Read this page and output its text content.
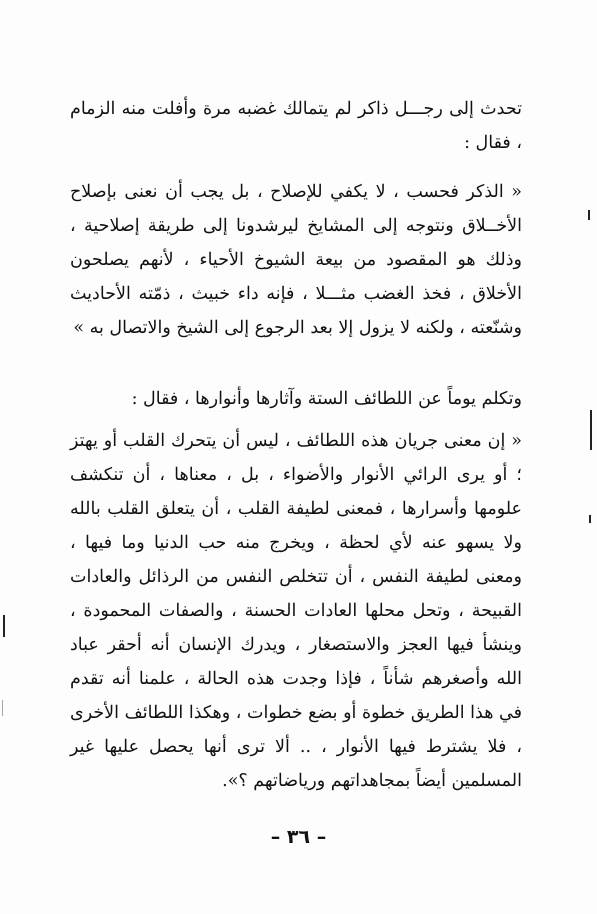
تحدث إلى رجـــل ذاكر لم يتمالك غضبه مرة وأفلت منه الزمام ، فقال :

« الذكر فحسب ، لا يكفي للإصلاح ، بل يجب أن نعنى بإصلاح الأخــلاق ونتوجه إلى المشايخ ليرشدونا إلى طريقة إصلاحية ، وذلك هو المقصود من بيعة الشيوخ الأحياء ، لأنهم يصلحون الأخلاق ، فخذ الغضب مثـــلا ، فإنه داء خبيث ، ذمّته الأحاديث وشنّعته ، ولكنه لا يزول إلا بعد الرجوع إلى الشيخ والاتصال به »

وتكلم يوماً عن اللطائف الستة وآثارها وأنوارها ، فقال :

« إن معنى جريان هذه اللطائف ، ليس أن يتحرك القلب أو يهتز ؛ أو يرى الرائي الأنوار والأضواء ، بل ، معناها ، أن تنكشف علومها وأسرارها ، فمعنى لطيفة القلب ، أن يتعلق القلب بالله ولا يسهو عنه لأي لحظة ، ويخرج منه حب الدنيا وما فيها ، ومعنى لطيفة النفس ، أن تتخلص النفس من الرذائل والعادات القبيحة ، وتحل محلها العادات الحسنة ، والصفات المحمودة ، وينشأ فيها العجز والاستصغار ، ويدرك الإنسان أنه أحقر عباد الله وأصغرهم شأناً ، فإذا وجدت هذه الحالة ، علمنا أنه تقدم في هذا الطريق خطوة أو بضع خطوات ، وهكذا اللطائف الأخرى ، فلا يشترط فيها الأنوار ، .. ألا ترى أنها يحصل عليها غير المسلمين أيضاً بمجاهداتهم ورياضاتهم ؟».

– ٣٦ –
